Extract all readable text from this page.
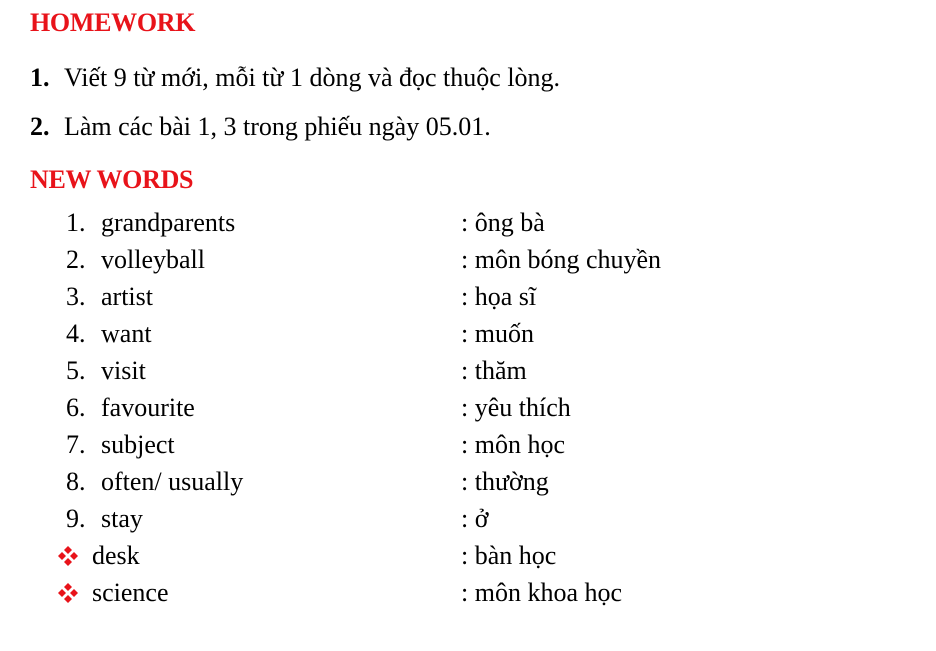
HOMEWORK
1. Viết 9 từ mới, mỗi từ 1 dòng và đọc thuộc lòng.
2. Làm các bài 1, 3 trong phiếu ngày 05.01.
NEW WORDS
1. grandparents	: ông bà
2. volleyball	: môn bóng chuyền
3. artist	: họa sĩ
4. want	: muốn
5. visit	: thăm
6. favourite	: yêu thích
7. subject	: môn học
8. often/ usually	: thường
9. stay	: ở
desk	: bàn học
science	: môn khoa học
